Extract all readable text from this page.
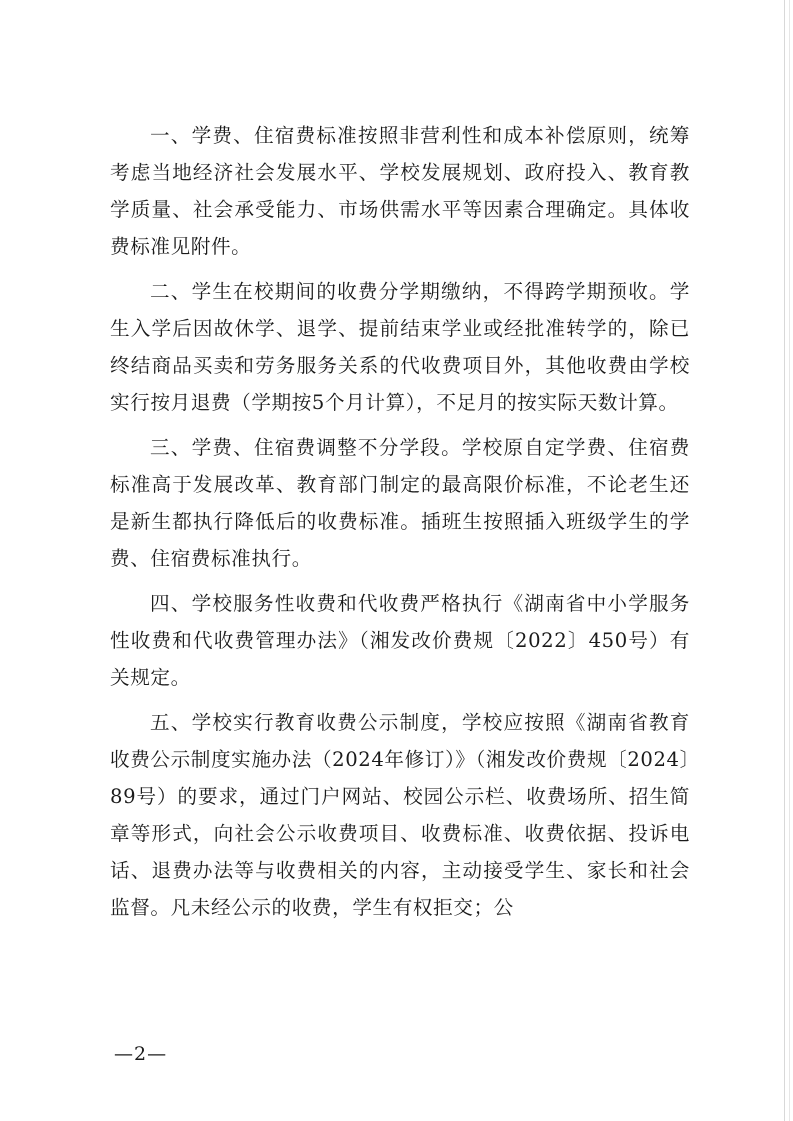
一、学费、住宿费标准按照非营利性和成本补偿原则，统筹考虑当地经济社会发展水平、学校发展规划、政府投入、教育教学质量、社会承受能力、市场供需水平等因素合理确定。具体收费标准见附件。

二、学生在校期间的收费分学期缴纳，不得跨学期预收。学生入学后因故休学、退学、提前结束学业或经批准转学的，除已终结商品买卖和劳务服务关系的代收费项目外，其他收费由学校实行按月退费（学期按5个月计算），不足月的按实际天数计算。

三、学费、住宿费调整不分学段。学校原自定学费、住宿费标准高于发展改革、教育部门制定的最高限价标准，不论老生还是新生都执行降低后的收费标准。插班生按照插入班级学生的学费、住宿费标准执行。

四、学校服务性收费和代收费严格执行《湖南省中小学服务性收费和代收费管理办法》（湘发改价费规〔2022〕450号）有关规定。

五、学校实行教育收费公示制度，学校应按照《湖南省教育收费公示制度实施办法（2024年修订）》（湘发改价费规〔2024〕89号）的要求，通过门户网站、校园公示栏、收费场所、招生简章等形式，向社会公示收费项目、收费标准、收费依据、投诉电话、退费办法等与收费相关的内容，主动接受学生、家长和社会监督。凡未经公示的收费，学生有权拒交；公

—2—
